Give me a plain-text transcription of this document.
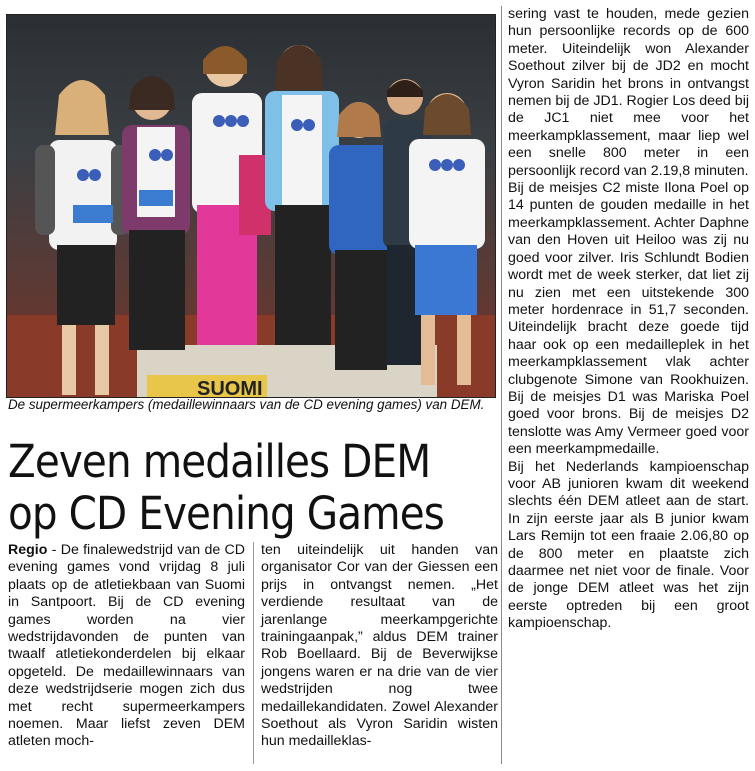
SUOMI
De supermeerkampers (medaillewinnaars van de CD evening games) van DEM.
Zeven medailles DEM
op CD Evening Games

Regio - De finalewedstrijd van de CD evening games vond vrijdag 8 juli plaats op de atletiekbaan van Suomi in Santpoort. Bij de CD evening games worden na vier wedstrijdavonden de punten van twaalf atletiekonderdelen bij elkaar opgeteld. De medaillewinnaars van deze wedstrijdserie mogen zich dus met recht supermeerkampers noemen. Maar liefst zeven DEM atleten moch-

ten uiteindelijk uit handen van organisator Cor van der Giessen een prijs in ontvangst nemen. „Het verdiende resultaat van de jarenlange meerkampgerichte trainingaanpak,” aldus DEM trainer Rob Boellaard. Bij de Beverwijkse jongens waren er na drie van de vier wedstrijden nog twee medaillekandidaten. Zowel Alexander Soethout als Vyron Saridin wisten hun medailleklas-

sering vast te houden, mede gezien hun persoonlijke records op de 600 meter. Uiteindelijk won Alexander Soethout zilver bij de JD2 en mocht Vyron Saridin het brons in ontvangst nemen bij de JD1. Rogier Los deed bij de JC1 niet mee voor het meerkampklassement, maar liep wel een snelle 800 meter in een persoonlijk record van 2.19,8 minuten.

Bij de meisjes C2 miste Ilona Poel op 14 punten de gouden medaille in het meerkampklassement. Achter Daphne van den Hoven uit Heiloo was zij nu goed voor zilver. Iris Schlundt Bodien wordt met de week sterker, dat liet zij nu zien met een uitstekende 300 meter hordenrace in 51,7 seconden. Uiteindelijk bracht deze goede tijd haar ook op een medailleplek in het meerkampklassement vlak achter clubgenote Simone van Rookhuizen. Bij de meisjes D1 was Mariska Poel goed voor brons. Bij de meisjes D2 tenslotte was Amy Vermeer goed voor een meerkampmedaille.

Bij het Nederlands kampioenschap voor AB junioren kwam dit weekend slechts één DEM atleet aan de start. In zijn eerste jaar als B junior kwam Lars Remijn tot een fraaie 2.06,80 op de 800 meter en plaatste zich daarmee net niet voor de finale. Voor de jonge DEM atleet was het zijn eerste optreden bij een groot kampioenschap.
